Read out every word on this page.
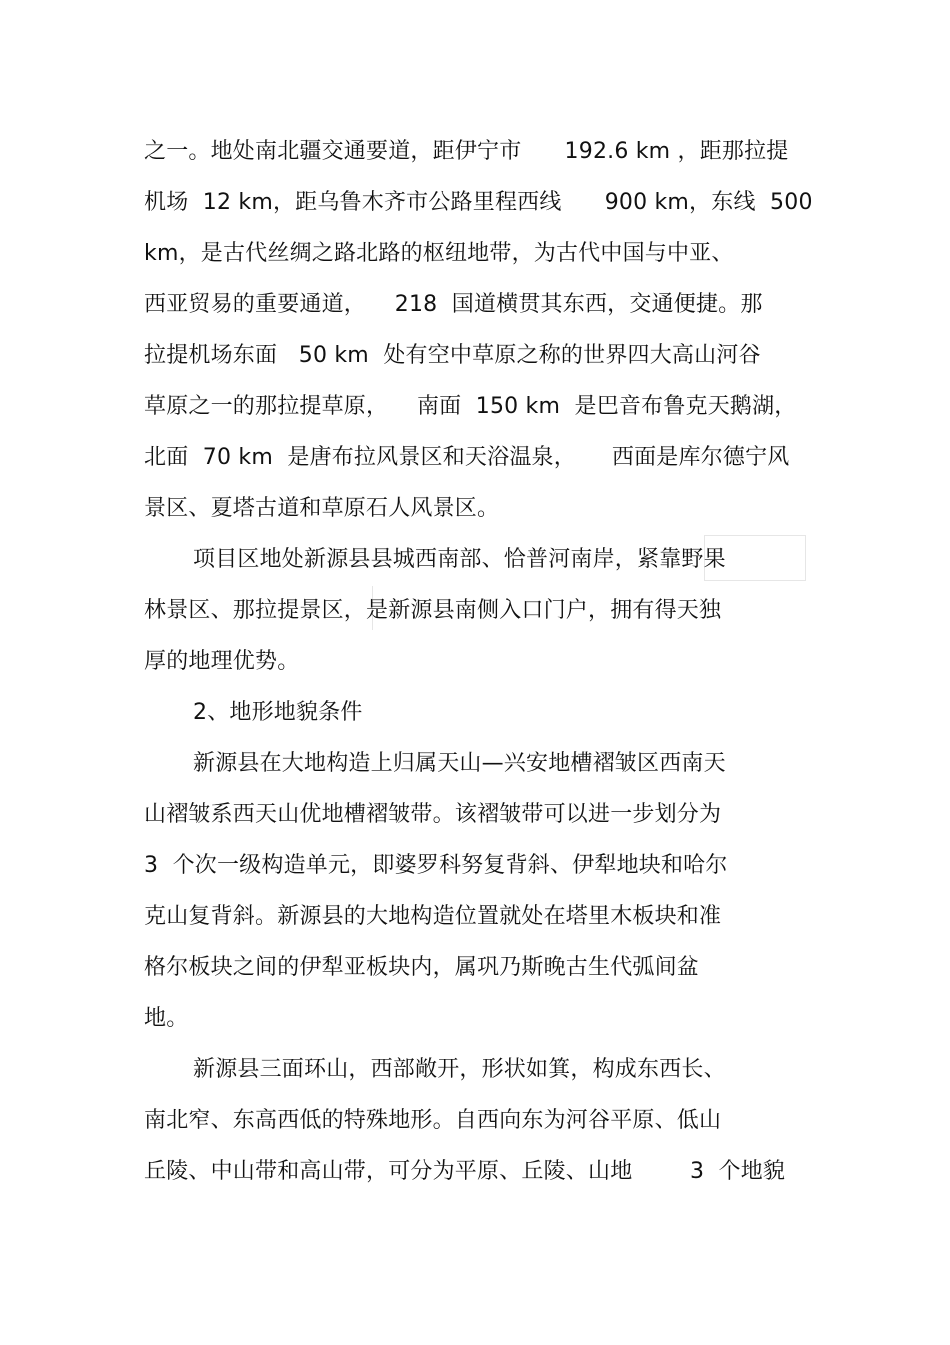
之一。地处南北疆交通要道，距伊宁市      192.6 km ，距那拉提
机场  12 km，距乌鲁木齐市公路里程西线      900 km，东线  500
km，是古代丝绸之路北路的枢纽地带，为古代中国与中亚、
西亚贸易的重要通道，    218  国道横贯其东西，交通便捷。那
拉提机场东面   50 km  处有空中草原之称的世界四大高山河谷
草原之一的那拉提草原，    南面  150 km  是巴音布鲁克天鹅湖，
北面  70 km  是唐布拉风景区和天浴温泉，     西面是库尔德宁风
景区、夏塔古道和草原石人风景区。
项目区地处新源县县城西南部、恰普河南岸，紧靠野果
林景区、那拉提景区，是新源县南侧入口门户，拥有得天独
厚的地理优势。
2、地形地貌条件
新源县在大地构造上归属天山—兴安地槽褶皱区西南天
山褶皱系西天山优地槽褶皱带。该褶皱带可以进一步划分为
3  个次一级构造单元，即婆罗科努复背斜、伊犁地块和哈尔
克山复背斜。新源县的大地构造位置就处在塔里木板块和准
格尔板块之间的伊犁亚板块内，属巩乃斯晚古生代弧间盆
地。
新源县三面环山，西部敞开，形状如箕，构成东西长、
南北窄、东高西低的特殊地形。自西向东为河谷平原、低山
丘陵、中山带和高山带，可分为平原、丘陵、山地        3  个地貌
